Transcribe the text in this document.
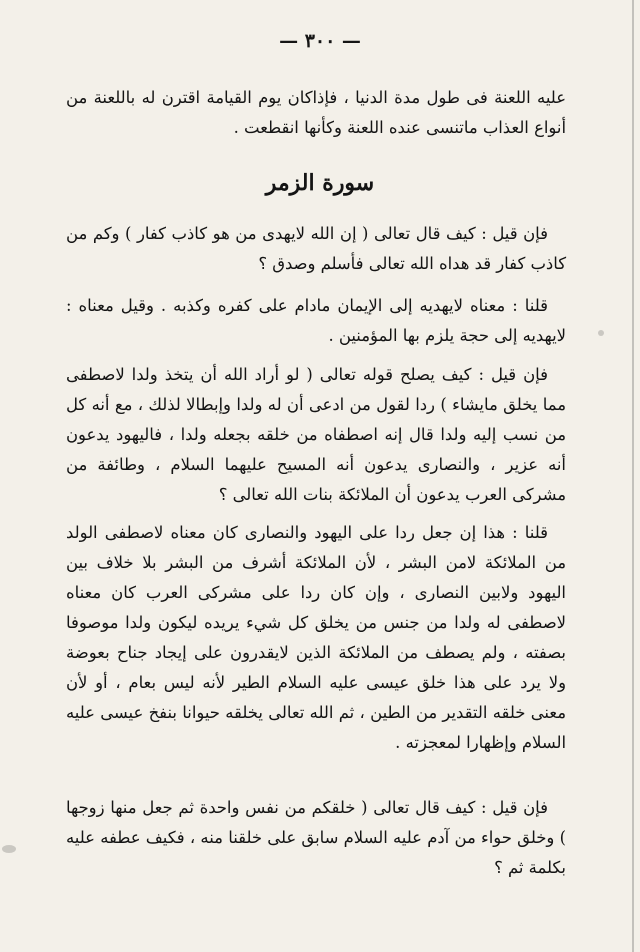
— ٣٠٠ —

عليه اللعنة فى طول مدة الدنيا ، فإذاكان يوم القيامة اقترن له باللعنة من أنواع العذاب ماتنسى عنده اللعنة وكأنها انقطعت .

سورة الزمر

فإن قيل : كيف قال تعالى ( إن الله لايهدى من هو كاذب كفار ) وكم من كاذب كفار قد هداه الله تعالى فأسلم وصدق ؟

قلنا : معناه لايهديه إلى الإيمان مادام على كفره وكذبه . وقيل معناه : لايهديه إلى حجة يلزم بها المؤمنين .

فإن قيل : كيف يصلح قوله تعالى ( لو أراد الله أن يتخذ ولدا لاصطفى مما يخلق مايشاء ) ردا لقول من ادعى أن له ولدا وإبطالا لذلك ، مع أنه كل من نسب إليه ولدا قال إنه اصطفاه من خلقه بجعله ولدا ، فاليهود يدعون أنه عزير ، والنصارى يدعون أنه المسيح عليهما السلام ، وطائفة من مشركى العرب يدعون أن الملائكة بنات الله تعالى ؟

قلنا : هذا إن جعل ردا على اليهود والنصارى كان معناه لاصطفى الولد من الملائكة لامن البشر ، لأن الملائكة أشرف من البشر بلا خلاف بين اليهود ولابين النصارى ، وإن كان ردا على مشركى العرب كان معناه لاصطفى له ولدا من جنس من يخلق كل شيء يريده ليكون ولدا موصوفا بصفته ، ولم يصطف من الملائكة الذين لايقدرون على إيجاد جناح بعوضة ولا يرد على هذا خلق عيسى عليه السلام الطير لأنه ليس بعام ، أو لأن معنى خلقه التقدير من الطين ، ثم الله تعالى يخلقه حيوانا بنفخ عيسى عليه السلام وإظهارا لمعجزته .

فإن قيل : كيف قال تعالى ( خلقكم من نفس واحدة ثم جعل منها زوجها ) وخلق حواء من آدم عليه السلام سابق على خلقنا منه ، فكيف عطفه عليه بكلمة ثم ؟
